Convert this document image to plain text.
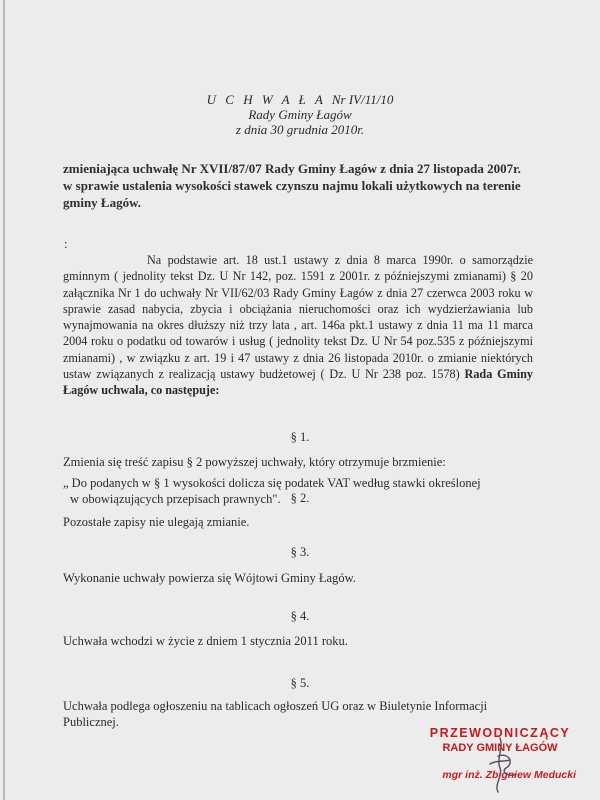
U C H W A Ł A Nr IV/11/10
Rady Gminy Łagów
z dnia 30 grudnia 2010r.
zmieniająca uchwałę Nr XVII/87/07 Rady Gminy Łagów z dnia 27 listopada 2007r. w sprawie ustalenia wysokości stawek czynszu najmu lokali użytkowych na terenie gminy Łagów.
:
Na podstawie art. 18 ust.1 ustawy z dnia 8 marca 1990r. o samorządzie gminnym ( jednolity tekst Dz. U Nr 142, poz. 1591 z 2001r. z późniejszymi zmianami) § 20 załącznika Nr 1 do uchwały Nr VII/62/03 Rady Gminy Łagów z dnia 27 czerwca 2003 roku w sprawie zasad nabycia, zbycia i obciążania nieruchomości oraz ich wydzierżawiania lub wynajmowania na okres dłuższy niż trzy lata , art. 146a pkt.1 ustawy z dnia 11 ma 11 marca 2004 roku o podatku od towarów i usług ( jednolity tekst Dz. U Nr 54 poz.535 z późniejszymi zmianami) , w związku z art. 19 i 47 ustawy z dnia 26 listopada 2010r. o zmianie niektórych ustaw związanych z realizacją ustawy budżetowej ( Dz. U Nr 238 poz. 1578) Rada Gminy Łagów uchwala, co następuje:
§ 1.
Zmienia się treść zapisu § 2 powyższej uchwały, który otrzymuje brzmienie:
„ Do podanych w § 1 wysokości dolicza się podatek VAT według stawki określonej
w obowiązujących przepisach prawnych". § 2.
Pozostałe zapisy nie ulegają zmianie.
§ 3.
Wykonanie uchwały powierza się Wójtowi Gminy Łagów.
§ 4.
Uchwała wchodzi w życie z dniem 1 stycznia 2011 roku.
§ 5.
Uchwała podlega ogłoszeniu na tablicach ogłoszeń UG oraz w Biuletynie Informacji Publicznej.
PRZEWODNICZĄCY
RADY GMINY ŁAGÓW
mgr inż. Zbigniew Meducki
